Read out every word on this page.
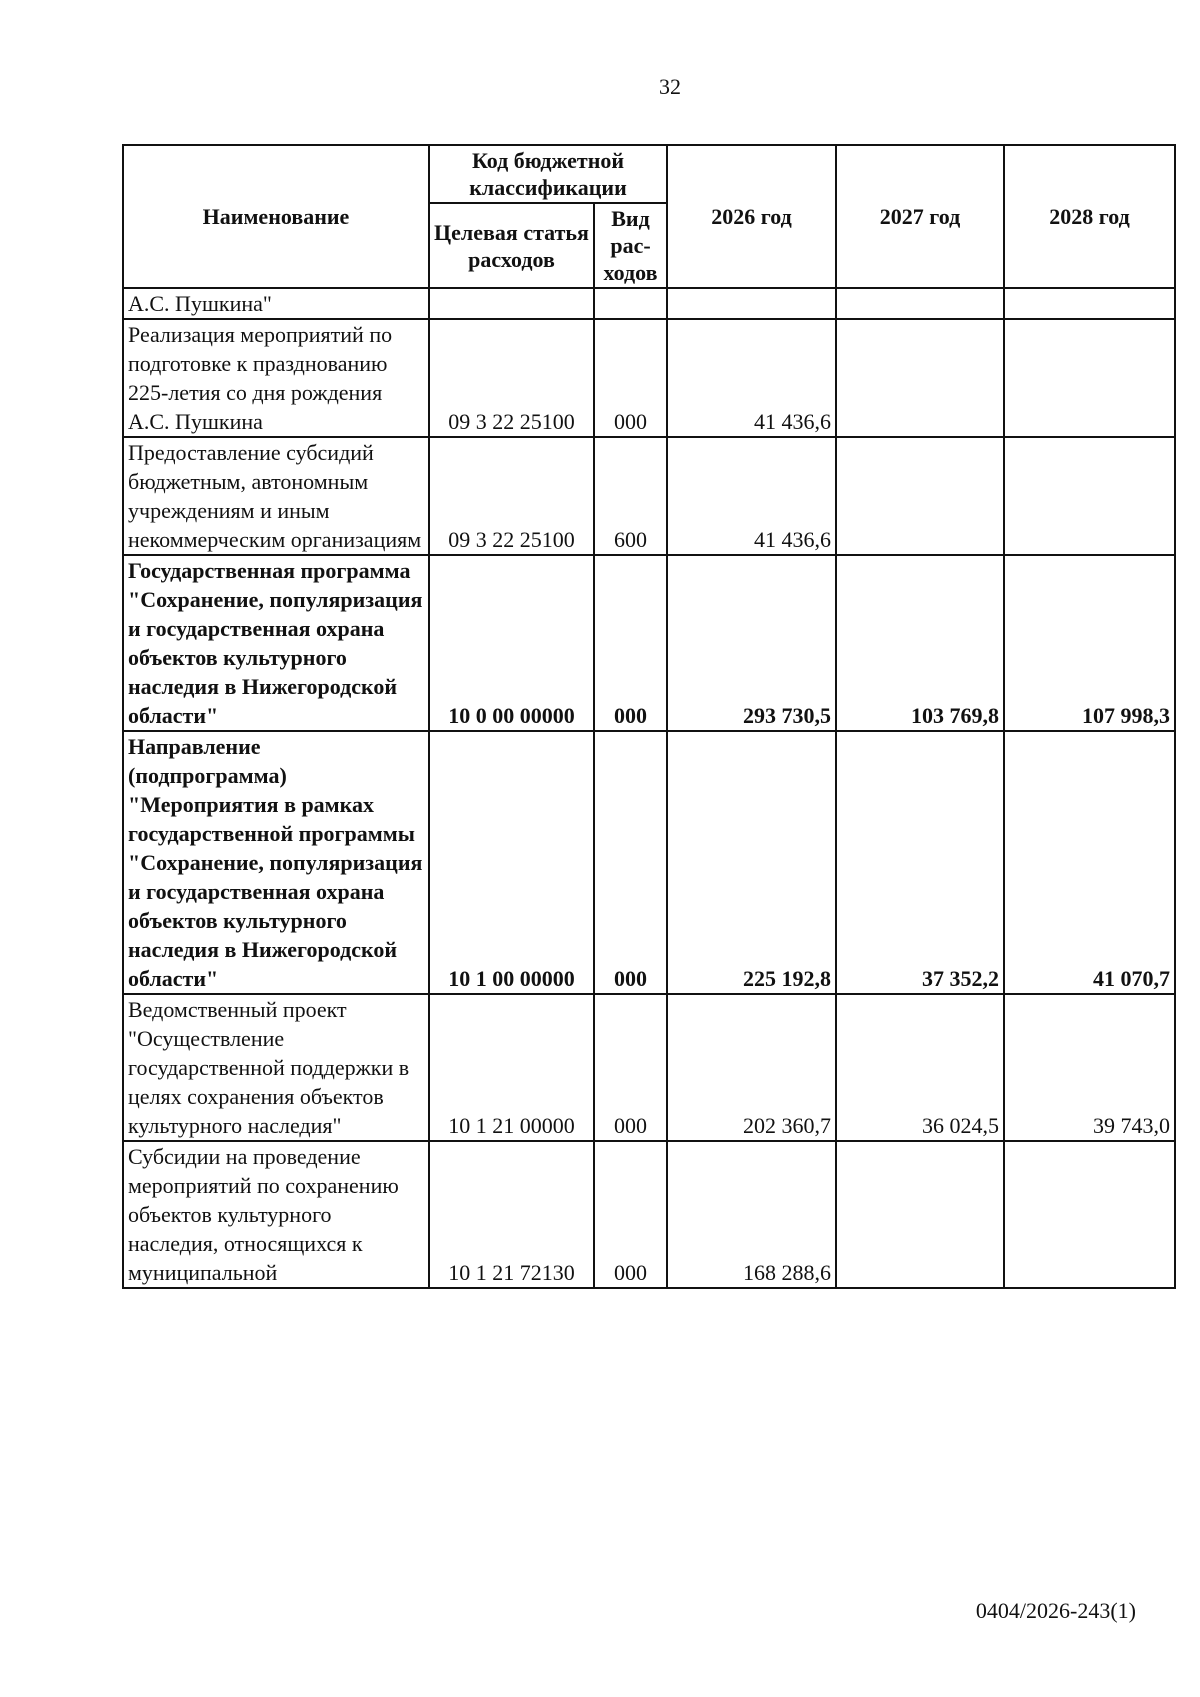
32
Наименование	Код бюджетной классификации		2026 год	2027 год	2028 год
	Целевая статья расходов	Вид рас- ходов			
А.С. Пушкина"					
Реализация мероприятий по подготовке к празднованию 225-летия со дня рождения А.С. Пушкина	09 3 22 25100	000	41 436,6		
Предоставление субсидий бюджетным, автономным учреждениям и иным некоммерческим организациям	09 3 22 25100	600	41 436,6		
Государственная программа "Сохранение, популяризация и государственная охрана объектов культурного наследия в Нижегородской области"	10 0 00 00000	000	293 730,5	103 769,8	107 998,3
Направление (подпрограмма) "Мероприятия в рамках государственной программы "Сохранение, популяризация и государственная охрана объектов культурного наследия в Нижегородской области"	10 1 00 00000	000	225 192,8	37 352,2	41 070,7
Ведомственный проект "Осуществление государственной поддержки в целях сохранения объектов культурного наследия"	10 1 21 00000	000	202 360,7	36 024,5	39 743,0
Субсидии на проведение мероприятий по сохранению объектов культурного наследия, относящихся к муниципальной	10 1 21 72130	000	168 288,6		
0404/2026-243(1)
